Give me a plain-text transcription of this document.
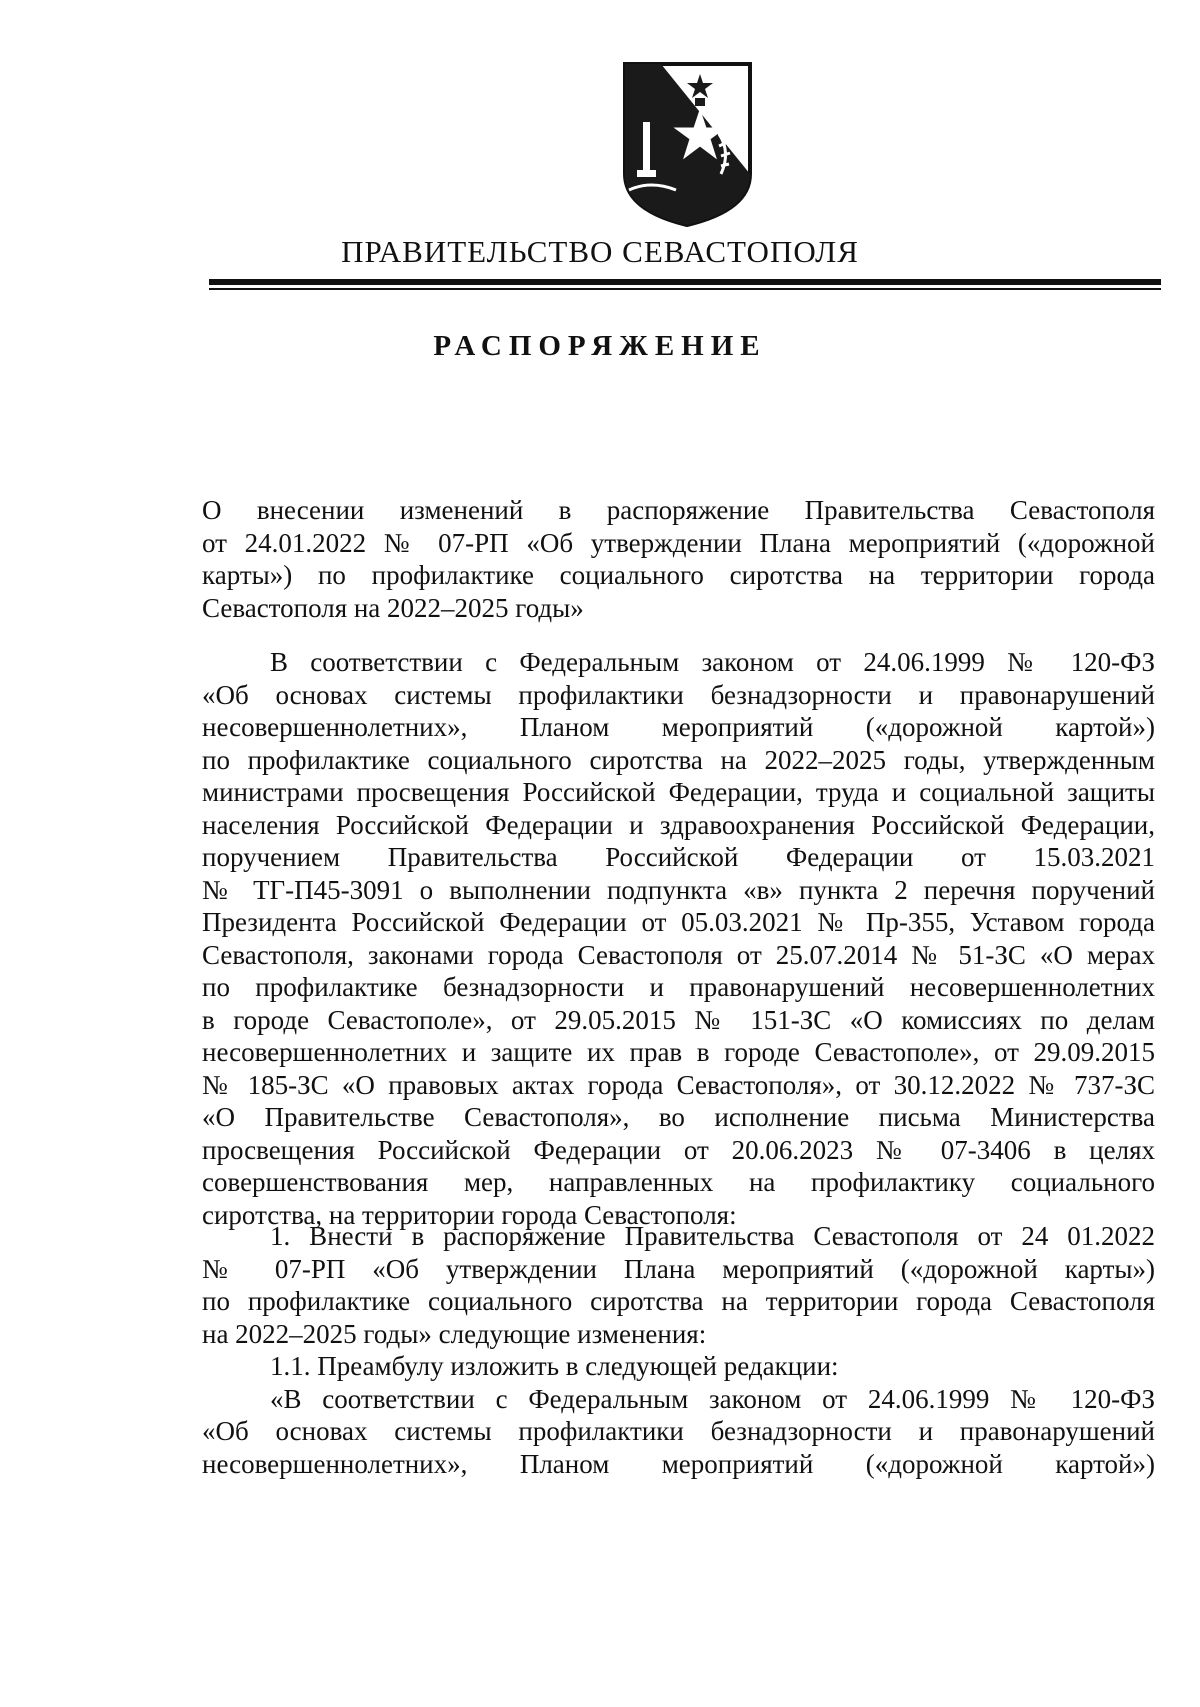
ПРАВИТЕЛЬСТВО СЕВАСТОПОЛЯ
РАСПОРЯЖЕНИЕ
О внесении изменений в распоряжение Правительства Севастополя
от 24.01.2022 № 07-РП «Об утверждении Плана мероприятий («дорожной
карты») по профилактике социального сиротства на территории города
Севастополя на 2022–2025 годы»
В соответствии с Федеральным законом от 24.06.1999 № 120-ФЗ
«Об основах системы профилактики безнадзорности и правонарушений
несовершеннолетних», Планом мероприятий («дорожной картой»)
по профилактике социального сиротства на 2022–2025 годы, утвержденным
министрами просвещения Российской Федерации, труда и социальной защиты
населения Российской Федерации и здравоохранения Российской Федерации,
поручением Правительства Российской Федерации от 15.03.2021
№ ТГ-П45-3091 о выполнении подпункта «в» пункта 2 перечня поручений
Президента Российской Федерации от 05.03.2021 № Пр-355, Уставом города
Севастополя, законами города Севастополя от 25.07.2014 № 51-ЗС «О мерах
по профилактике безнадзорности и правонарушений несовершеннолетних
в городе Севастополе», от 29.05.2015 № 151-ЗС «О комиссиях по делам
несовершеннолетних и защите их прав в городе Севастополе», от 29.09.2015
№ 185-ЗС «О правовых актах города Севастополя», от 30.12.2022 № 737-ЗС
«О Правительстве Севастополя», во исполнение письма Министерства
просвещения Российской Федерации от 20.06.2023 № 07-3406 в целях
совершенствования мер, направленных на профилактику социального
сиротства, на территории города Севастополя:
1. Внести в распоряжение Правительства Севастополя от 24 01.2022
№ 07-РП «Об утверждении Плана мероприятий («дорожной карты»)
по профилактике социального сиротства на территории города Севастополя
на 2022–2025 годы» следующие изменения:
1.1. Преамбулу изложить в следующей редакции:
«В соответствии с Федеральным законом от 24.06.1999 № 120-ФЗ
«Об основах системы профилактики безнадзорности и правонарушений
несовершеннолетних», Планом мероприятий («дорожной картой»)
